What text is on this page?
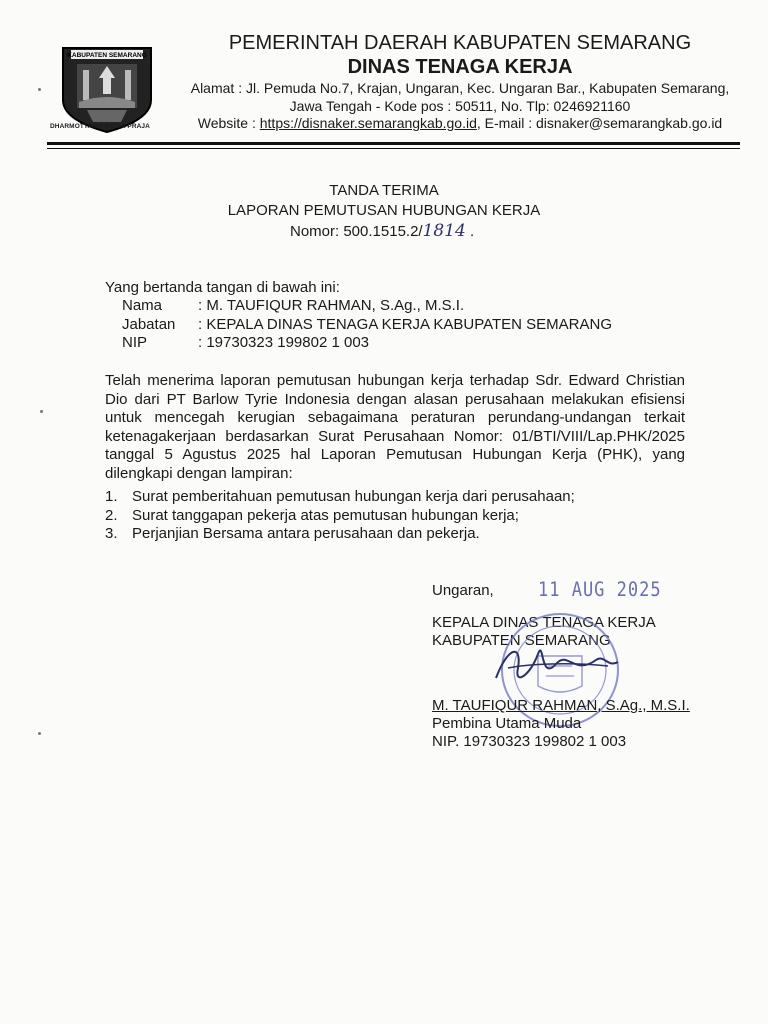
KABUPATEN SEMARANG
DHARMOTTAMA SATYA PRAJA
PEMERINTAH DAERAH KABUPATEN SEMARANG
DINAS TENAGA KERJA
Alamat : Jl. Pemuda No.7, Krajan, Ungaran, Kec. Ungaran Bar., Kabupaten Semarang,
Jawa Tengah - Kode pos : 50511, No. Tlp: 0246921160
Website : https://disnaker.semarangkab.go.id, E-mail : disnaker@semarangkab.go.id
TANDA TERIMA
LAPORAN PEMUTUSAN HUBUNGAN KERJA
Nomor: 500.1515.2/1814 .
Yang bertanda tangan di bawah ini:
Nama : M. TAUFIQUR RAHMAN, S.Ag., M.S.I.
Jabatan : KEPALA DINAS TENAGA KERJA KABUPATEN SEMARANG
NIP	: 19730323 199802 1 003
Telah menerima laporan pemutusan hubungan kerja terhadap Sdr. Edward Christian Dio dari PT Barlow Tyrie Indonesia dengan alasan perusahaan melakukan efisiensi untuk mencegah kerugian sebagaimana peraturan perundang-undangan terkait ketenagakerjaan berdasarkan Surat Perusahaan Nomor: 01/BTI/VIII/Lap.PHK/2025 tanggal 5 Agustus 2025 hal Laporan Pemutusan Hubungan Kerja (PHK), yang dilengkapi dengan lampiran:
1. Surat pemberitahuan pemutusan hubungan kerja dari perusahaan;
2. Surat tanggapan pekerja atas pemutusan hubungan kerja;
3. Perjanjian Bersama antara perusahaan dan pekerja.
Ungaran,	11 AUG 2025
KEPALA DINAS TENAGA KERJA
KABUPATEN SEMARANG
M. TAUFIQUR RAHMAN, S.Ag., M.S.I.
Pembina Utama Muda
NIP. 19730323 199802 1 003
